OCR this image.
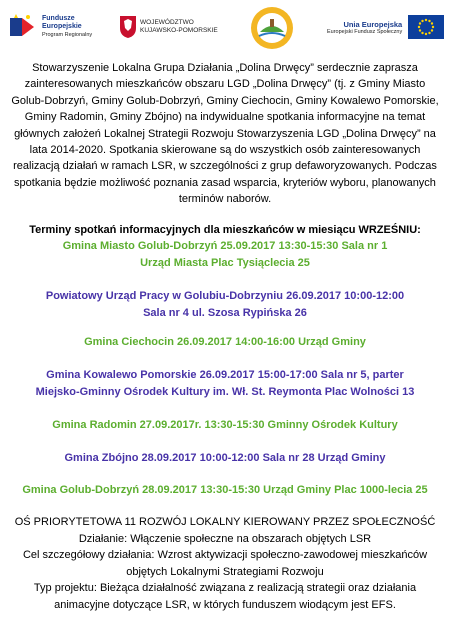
Fundusze
Europejskie
Program Regionalny
WOJEWÓDZTWO
KUJAWSKO-POMORSKIE
Unia Europejska
Europejski Fundusz Społeczny
Stowarzyszenie Lokalna Grupa Działania „Dolina Drwęcy” serdecznie zaprasza zainteresowanych mieszkańców obszaru LGD „Dolina Drwęcy” (tj. z Gminy Miasto Golub-Dobrzyń, Gminy Golub-Dobrzyń, Gminy Ciechocin, Gminy Kowalewo Pomorskie, Gminy Radomin, Gminy Zbójno) na indywidualne spotkania informacyjne na temat głównych założeń Lokalnej Strategii Rozwoju Stowarzyszenia LGD „Dolina Drwęcy” na lata 2014-2020. Spotkania skierowane są do wszystkich osób zainteresowanych realizacją działań w ramach LSR, w szczególności z grup defaworyzowanych. Podczas spotkania będzie możliwość poznania zasad wsparcia, kryteriów wyboru, planowanych terminów naborów.
Terminy spotkań informacyjnych dla mieszkańców w miesiącu WRZEŚNIU:
Gmina Miasto Golub-Dobrzyń 25.09.2017 13:30-15:30 Sala nr 1
Urząd Miasta Plac Tysiąclecia 25
Powiatowy Urząd Pracy w Golubiu-Dobrzyniu 26.09.2017 10:00-12:00
Sala nr 4 ul. Szosa Rypińska 26
Gmina Ciechocin 26.09.2017 14:00-16:00 Urząd Gminy
Gmina Kowalewo Pomorskie 26.09.2017 15:00-17:00 Sala nr 5, parter
Miejsko-Gminny Ośrodek Kultury im. Wł. St. Reymonta Plac Wolności 13
Gmina Radomin 27.09.2017r. 13:30-15:30 Gminny Ośrodek Kultury
Gmina Zbójno 28.09.2017 10:00-12:00 Sala nr 28 Urząd Gminy
Gmina Golub-Dobrzyń 28.09.2017 13:30-15:30 Urząd Gminy Plac 1000-lecia 25
OŚ PRIORYTETOWA 11 ROZWÓJ LOKALNY KIEROWANY PRZEZ SPOŁECZNOŚĆ
Działanie: Włączenie społeczne na obszarach objętych LSR
Cel szczegółowy działania: Wzrost aktywizacji społeczno-zawodowej mieszkańców objętych Lokalnymi Strategiami Rozwoju
Typ projektu: Bieżąca działalność związana z realizacją strategii oraz działania animacyjne dotyczące LSR, w których funduszem wiodącym jest EFS.
